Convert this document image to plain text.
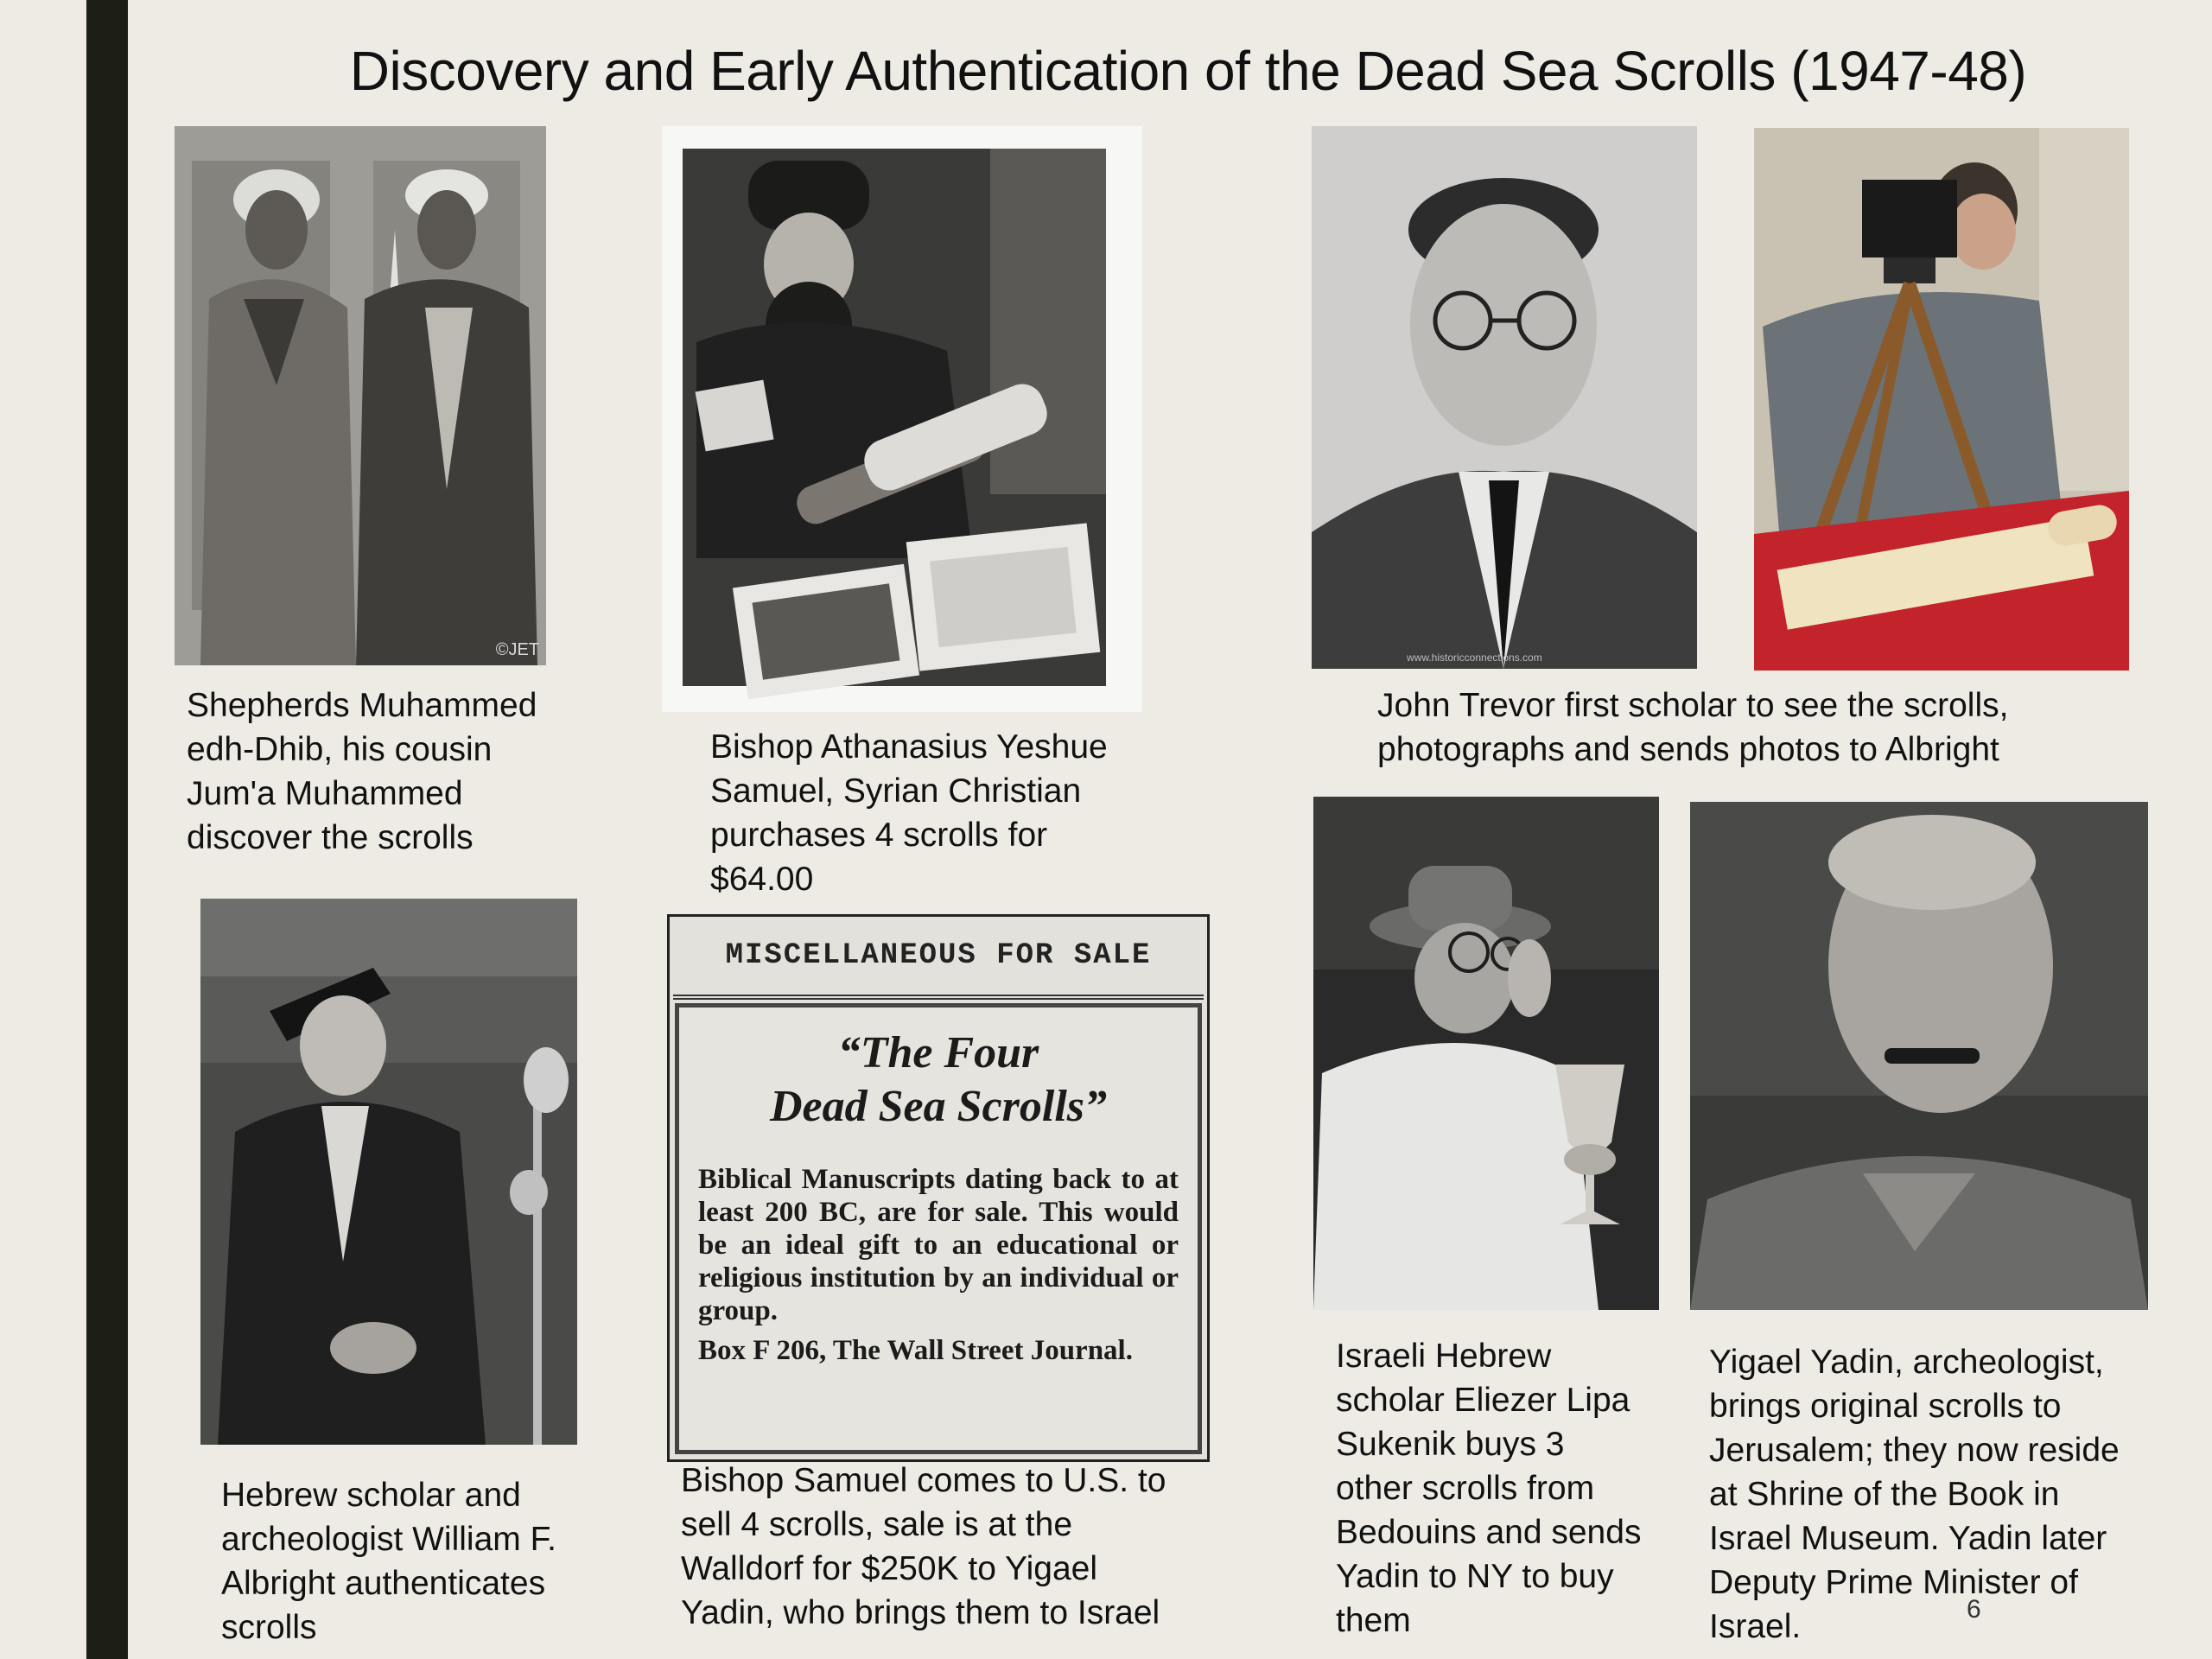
Discovery and Early Authentication of the Dead Sea Scrolls (1947-48)
©JET	www.historicconnections.com
MISCELLANEOUS FOR SALE
“The Four
Dead Sea Scrolls”
Biblical Manuscripts dating back to at least 200 BC, are for sale. This would be an ideal gift to an educational or religious institution by an individual or group.
Box F 206, The Wall Street Journal.
Shepherds Muhammed
edh-Dhib, his cousin
Jum'a Muhammed
discover the scrolls
Bishop Athanasius Yeshue
Samuel, Syrian Christian
purchases 4 scrolls for
$64.00
John Trevor first scholar to see the scrolls,
photographs and sends photos to Albright
Hebrew scholar and
archeologist William F.
Albright authenticates
scrolls
Bishop Samuel comes to U.S. to
sell 4 scrolls, sale is at the
Walldorf for $250K to Yigael
Yadin, who brings them to Israel
Israeli Hebrew
scholar Eliezer Lipa
Sukenik buys 3
other scrolls from
Bedouins and sends
Yadin to NY to buy
them
Yigael Yadin, archeologist,
brings original scrolls to
Jerusalem; they now reside
at Shrine of the Book in
Israel Museum. Yadin later
Deputy Prime Minister of
Israel.	6
